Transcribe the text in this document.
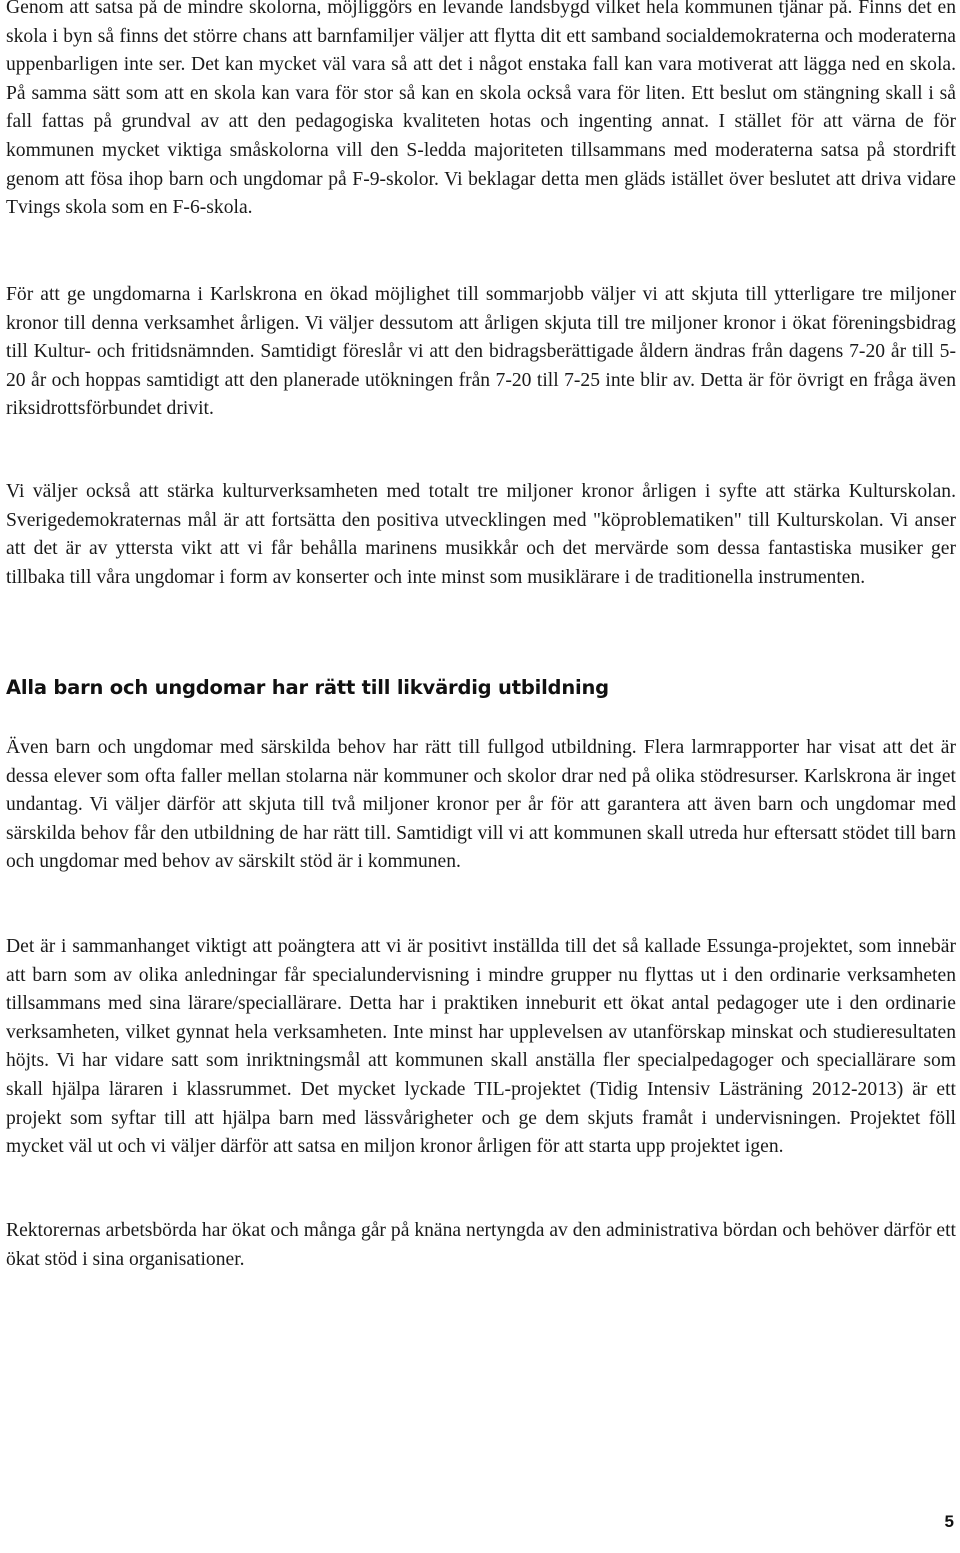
Genom att satsa på de mindre skolorna, möjliggörs en levande landsbygd vilket hela kommunen tjänar på. Finns det en skola i byn så finns det större chans att barnfamiljer väljer att flytta dit ett samband socialdemokraterna och moderaterna uppenbarligen inte ser. Det kan mycket väl vara så att det i något enstaka fall kan vara motiverat att lägga ned en skola. På samma sätt som att en skola kan vara för stor så kan en skola också vara för liten. Ett beslut om stängning skall i så fall fattas på grundval av att den pedagogiska kvaliteten hotas och ingenting annat. I stället för att värna de för kommunen mycket viktiga småskolorna vill den S-ledda majoriteten tillsammans med moderaterna satsa på stordrift genom att fösa ihop barn och ungdomar på F-9-skolor. Vi beklagar detta men gläds istället över beslutet att driva vidare Tvings skola som en F-6-skola.

För att ge ungdomarna i Karlskrona en ökad möjlighet till sommarjobb väljer vi att skjuta till ytterligare tre miljoner kronor till denna verksamhet årligen. Vi väljer dessutom att årligen skjuta till tre miljoner kronor i ökat föreningsbidrag till Kultur- och fritidsnämnden. Samtidigt föreslår vi att den bidragsberättigade åldern ändras från dagens 7-20 år till 5-20 år och hoppas samtidigt att den planerade utökningen från 7-20 till 7-25 inte blir av. Detta är för övrigt en fråga även riksidrottsförbundet drivit.

Vi väljer också att stärka kulturverksamheten med totalt tre miljoner kronor årligen i syfte att stärka Kulturskolan. Sverigedemokraternas mål är att fortsätta den positiva utvecklingen med "köproblematiken" till Kulturskolan. Vi anser att det är av yttersta vikt att vi får behålla marinens musikkår och det mervärde som dessa fantastiska musiker ger tillbaka till våra ungdomar i form av konserter och inte minst som musiklärare i de traditionella instrumenten.

Alla barn och ungdomar har rätt till likvärdig utbildning

Även barn och ungdomar med särskilda behov har rätt till fullgod utbildning. Flera larmrapporter har visat att det är dessa elever som ofta faller mellan stolarna när kommuner och skolor drar ned på olika stödresurser. Karlskrona är inget undantag. Vi väljer därför att skjuta till två miljoner kronor per år för att garantera att även barn och ungdomar med särskilda behov får den utbildning de har rätt till. Samtidigt vill vi att kommunen skall utreda hur eftersatt stödet till barn och ungdomar med behov av särskilt stöd är i kommunen.

Det är i sammanhanget viktigt att poängtera att vi är positivt inställda till det så kallade Essunga-projektet, som innebär att barn som av olika anledningar får specialundervisning i mindre grupper nu flyttas ut i den ordinarie verksamheten tillsammans med sina lärare/speciallärare. Detta har i praktiken inneburit ett ökat antal pedagoger ute i den ordinarie verksamheten, vilket gynnat hela verksamheten. Inte minst har upplevelsen av utanförskap minskat och studieresultaten höjts. Vi har vidare satt som inriktningsmål att kommunen skall anställa fler specialpedagoger och speciallärare som skall hjälpa läraren i klassrummet. Det mycket lyckade TIL-projektet (Tidig Intensiv Lästräning 2012-2013) är ett projekt som syftar till att hjälpa barn med lässvårigheter och ge dem skjuts framåt i undervisningen. Projektet föll mycket väl ut och vi väljer därför att satsa en miljon kronor årligen för att starta upp projektet igen.

Rektorernas arbetsbörda har ökat och många går på knäna nertyngda av den administrativa bördan och behöver därför ett ökat stöd i sina organisationer.

5
